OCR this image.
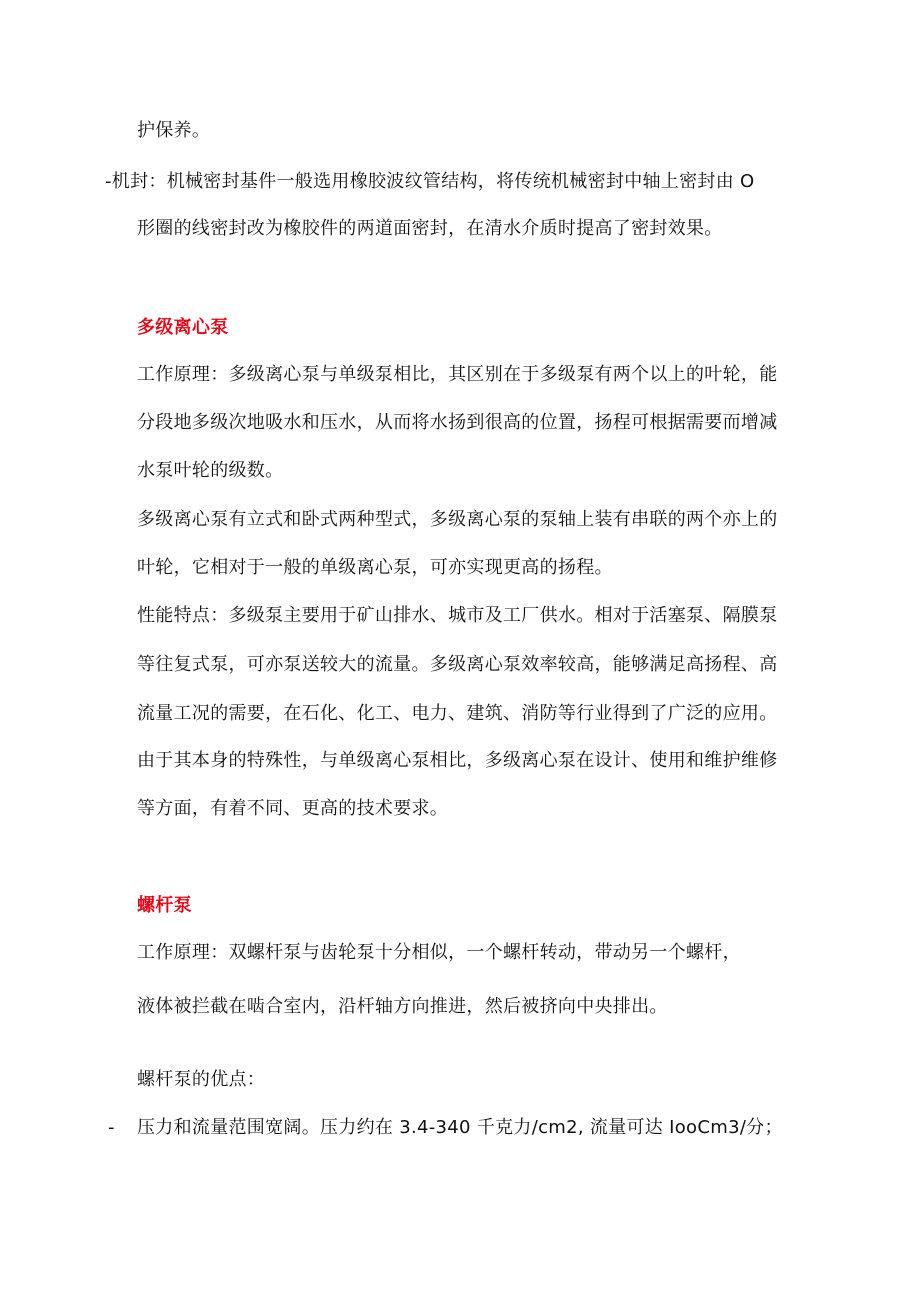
护保养。
-机封：机械密封基件一般选用橡胶波纹管结构，将传统机械密封中轴上密封由 O
形圈的线密封改为橡胶件的两道面密封，在清水介质时提高了密封效果。
多级离心泵
工作原理：多级离心泵与单级泵相比，其区别在于多级泵有两个以上的叶轮，能
分段地多级次地吸水和压水，从而将水扬到很高的位置，扬程可根据需要而增减
水泵叶轮的级数。
多级离心泵有立式和卧式两种型式，多级离心泵的泵轴上装有串联的两个亦上的
叶轮，它相对于一般的单级离心泵，可亦实现更高的扬程。
性能特点：多级泵主要用于矿山排水、城市及工厂供水。相对于活塞泵、隔膜泵
等往复式泵，可亦泵送较大的流量。多级离心泵效率较高，能够满足高扬程、高
流量工况的需要，在石化、化工、电力、建筑、消防等行业得到了广泛的应用。
由于其本身的特殊性，与单级离心泵相比，多级离心泵在设计、使用和维护维修
等方面，有着不同、更高的技术要求。
螺杆泵
工作原理：双螺杆泵与齿轮泵十分相似，一个螺杆转动，带动另一个螺杆，
液体被拦截在啮合室内，沿杆轴方向推进，然后被挤向中央排出。
螺杆泵的优点：
- 压力和流量范围宽阔。压力约在 3.4-340 千克力/cm2, 流量可达 IooCm3/分；
